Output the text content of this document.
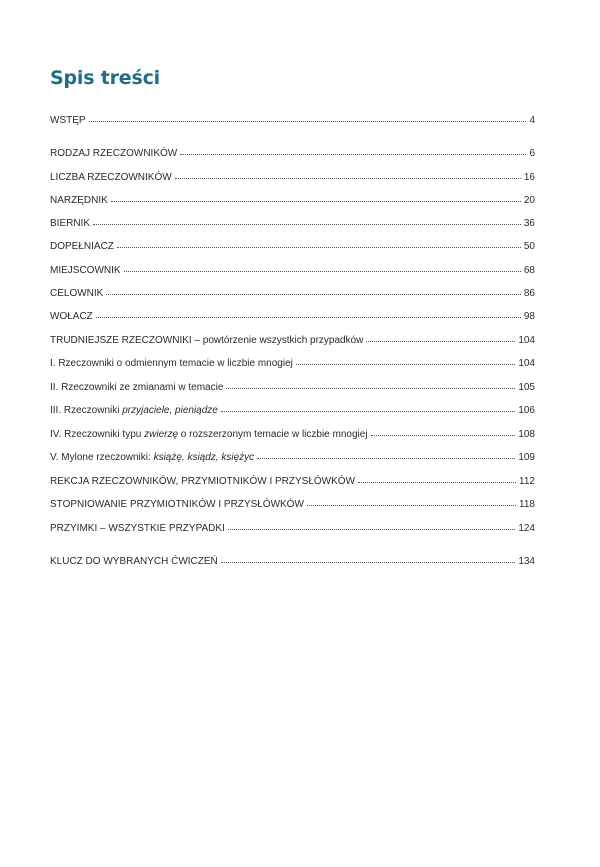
Spis treści
WSTĘP	4
RODZAJ RZECZOWNIKÓW	6
LICZBA RZECZOWNIKÓW	16
NARZĘDNIK	20
BIERNIK	36
DOPEŁNIACZ	50
MIEJSCOWNIK	68
CELOWNIK	86
WOŁACZ	98
TRUDNIEJSZE RZECZOWNIKI – powtórzenie wszystkich przypadków	104
I. Rzeczowniki o odmiennym temacie w liczbie mnogiej	104
II. Rzeczowniki ze zmianami w temacie	105
III. Rzeczowniki przyjaciele, pieniądze	106
IV. Rzeczowniki typu zwierzę o rozszerzonym temacie w liczbie mnogiej	108
V. Mylone rzeczowniki: książę, ksiądz, księżyc	109
REKCJA RZECZOWNIKÓW, PRZYMIOTNIKÓW I PRZYSŁÓWKÓW	112
STOPNIOWANIE PRZYMIOTNIKÓW I PRZYSŁÓWKÓW	118
PRZYIMKI – WSZYSTKIE PRZYPADKI	124
KLUCZ DO WYBRANYCH ĆWICZEŃ	134
